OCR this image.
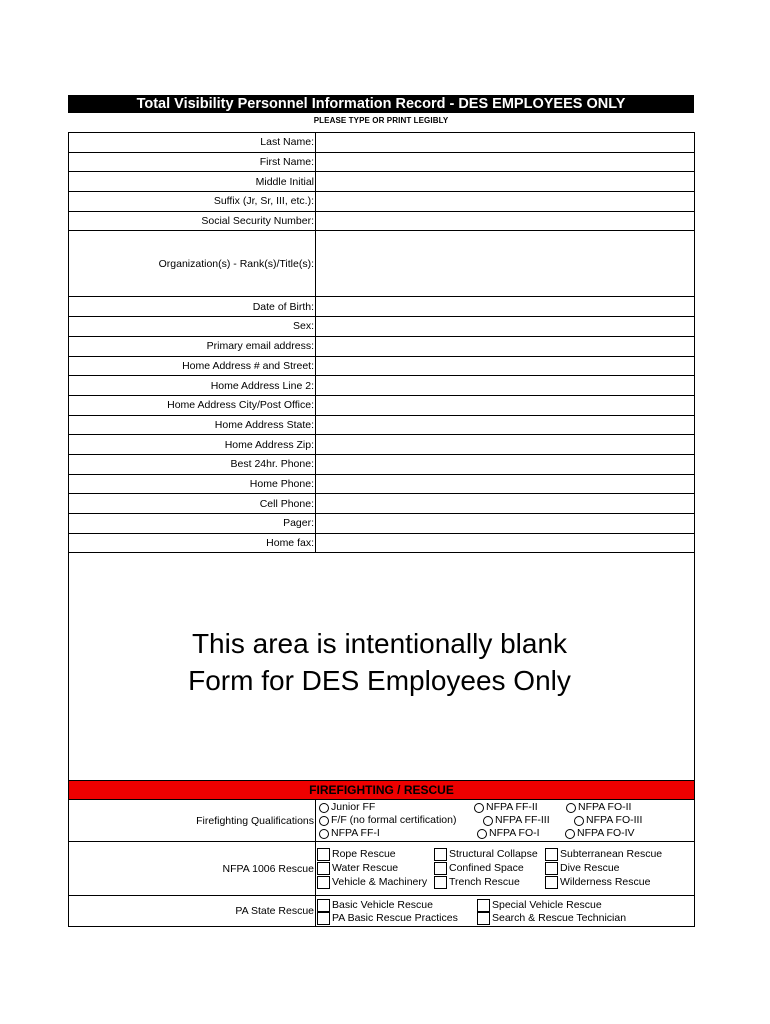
Total Visibility Personnel Information Record - DES EMPLOYEES ONLY
PLEASE TYPE OR PRINT LEGIBLY
Last Name:
First Name:
Middle Initial
Suffix (Jr, Sr, III, etc.):
Social Security Number:
Organization(s) - Rank(s)/Title(s):
Date of Birth:
Sex:
Primary email address:
Home Address # and Street:
Home Address Line 2:
Home Address City/Post Office:
Home Address State:
Home Address Zip:
Best 24hr. Phone:
Home Phone:
Cell Phone:
Pager:
Home fax:
This area is intentionally blank
Form for DES Employees Only
FIREFIGHTING / RESCUE
Firefighting Qualifications
Junior FF
F/F (no formal certification)
NFPA FF-I
NFPA FF-II
NFPA FF-III
NFPA FO-I
NFPA FO-II
NFPA FO-III
NFPA FO-IV
NFPA 1006 Rescue
Rope Rescue
Water Rescue
Vehicle & Machinery
Structural Collapse
Confined Space
Trench Rescue
Subterranean Rescue
Dive Rescue
Wilderness Rescue
PA State Rescue Basic Vehicle Rescue
PA Basic Rescue Practices
Special Vehicle Rescue
Search & Rescue Technician
